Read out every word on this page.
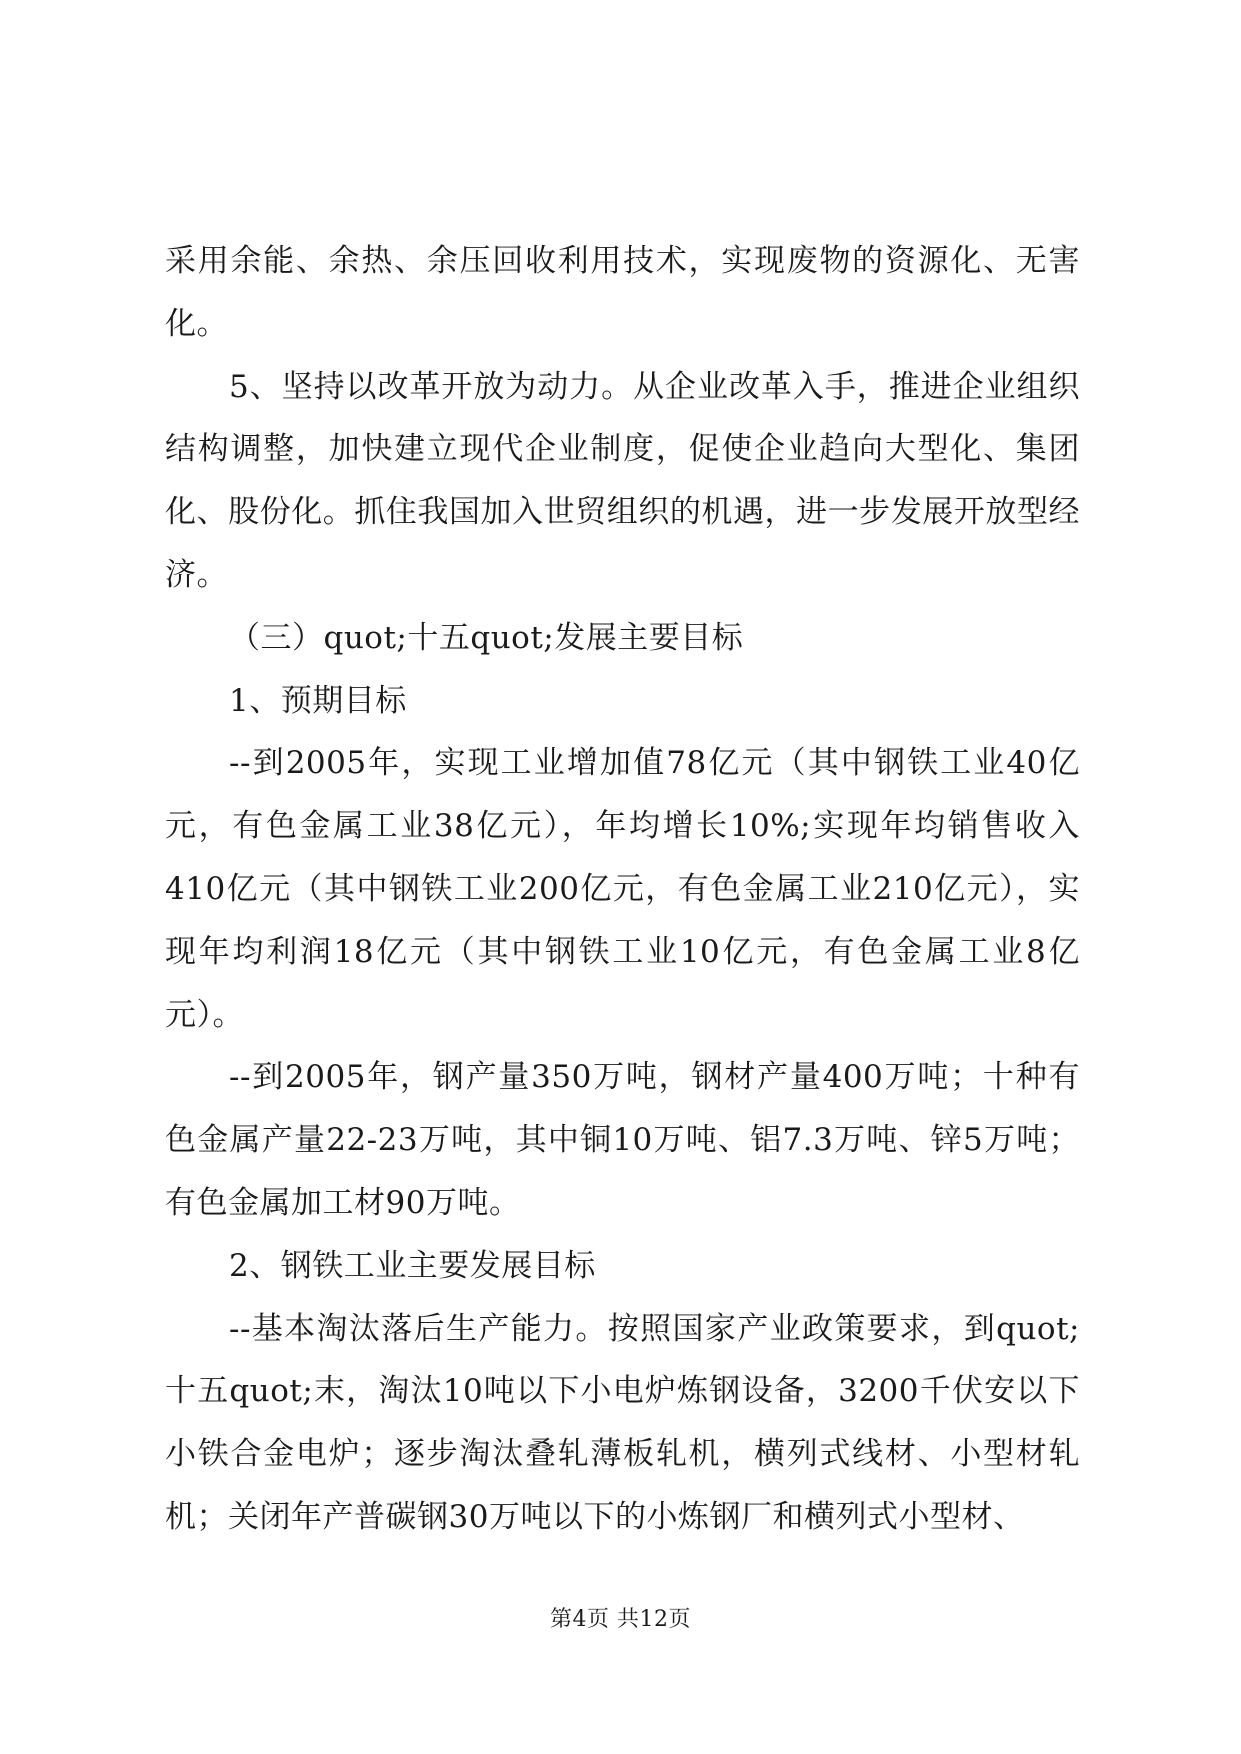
采用余能、余热、余压回收利用技术，实现废物的资源化、无害化。

5、坚持以改革开放为动力。从企业改革入手，推进企业组织结构调整，加快建立现代企业制度，促使企业趋向大型化、集团化、股份化。抓住我国加入世贸组织的机遇，进一步发展开放型经济。

（三）quot;十五quot;发展主要目标

1、预期目标

--到2005年，实现工业增加值78亿元（其中钢铁工业40亿元，有色金属工业38亿元），年均增长10%;实现年均销售收入410亿元（其中钢铁工业200亿元，有色金属工业210亿元），实现年均利润18亿元（其中钢铁工业10亿元，有色金属工业8亿元）。

--到2005年，钢产量350万吨，钢材产量400万吨；十种有色金属产量22-23万吨，其中铜10万吨、铝7.3万吨、锌5万吨；有色金属加工材90万吨。

2、钢铁工业主要发展目标

--基本淘汰落后生产能力。按照国家产业政策要求，到quot;十五quot;末，淘汰10吨以下小电炉炼钢设备，3200千伏安以下小铁合金电炉；逐步淘汰叠轧薄板轧机，横列式线材、小型材轧机；关闭年产普碳钢30万吨以下的小炼钢厂和横列式小型材、

第4页 共12页
